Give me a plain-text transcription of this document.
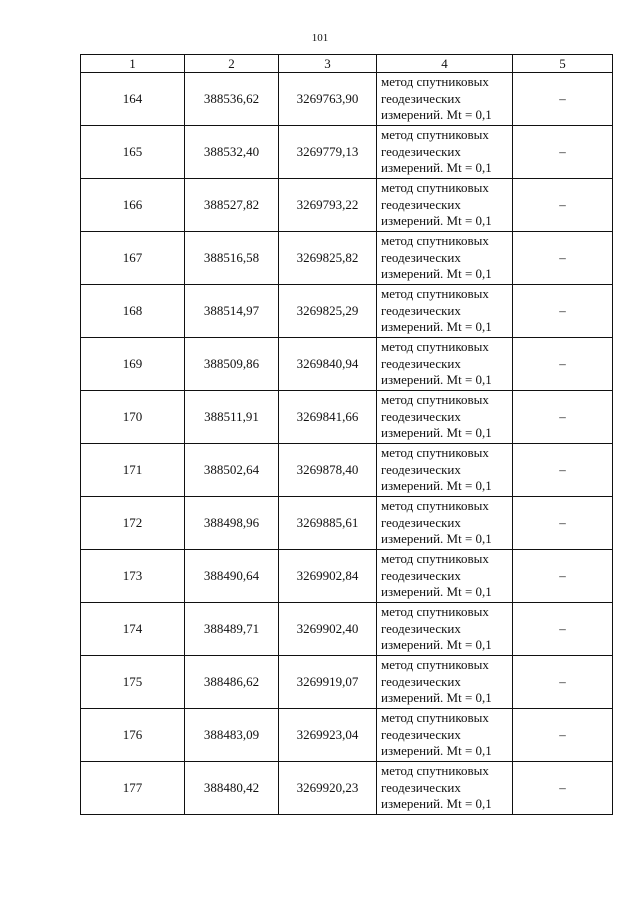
101
1	2	3	4	5
164	388536,62	3269763,90	метод спутниковых
геодезических
измерений. Mt = 0,1	–
165	388532,40	3269779,13	метод спутниковых
геодезических
измерений. Mt = 0,1	–
166	388527,82	3269793,22	метод спутниковых
геодезических
измерений. Mt = 0,1	–
167	388516,58	3269825,82	метод спутниковых
геодезических
измерений. Mt = 0,1	–
168	388514,97	3269825,29	метод спутниковых
геодезических
измерений. Mt = 0,1	–
169	388509,86	3269840,94	метод спутниковых
геодезических
измерений. Mt = 0,1	–
170	388511,91	3269841,66	метод спутниковых
геодезических
измерений. Mt = 0,1	–
171	388502,64	3269878,40	метод спутниковых
геодезических
измерений. Mt = 0,1	–
172	388498,96	3269885,61	метод спутниковых
геодезических
измерений. Mt = 0,1	–
173	388490,64	3269902,84	метод спутниковых
геодезических
измерений. Mt = 0,1	–
174	388489,71	3269902,40	метод спутниковых
геодезических
измерений. Mt = 0,1	–
175	388486,62	3269919,07	метод спутниковых
геодезических
измерений. Mt = 0,1	–
176	388483,09	3269923,04	метод спутниковых
геодезических
измерений. Mt = 0,1	–
177	388480,42	3269920,23	метод спутниковых
геодезических
измерений. Mt = 0,1	–
